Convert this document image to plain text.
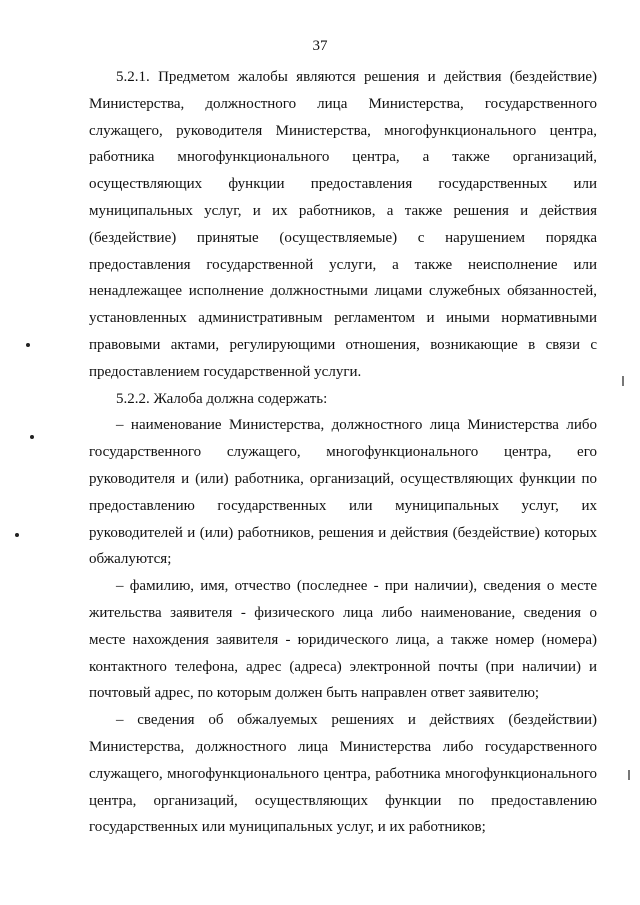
37

5.2.1. Предметом жалобы являются решения и действия (бездействие) Министерства, должностного лица Министерства, государственного служащего, руководителя Министерства, многофункционального центра, работника многофункционального центра, а также организаций, осуществляющих функции предоставления государственных или муниципальных услуг, и их работников, а также решения и действия (бездействие) принятые (осуществляемые) с нарушением порядка предоставления государственной услуги, а также неисполнение или ненадлежащее исполнение должностными лицами служебных обязанностей, установленных административным регламентом и иными нормативными правовыми актами, регулирующими отношения, возникающие в связи с предоставлением государственной услуги.

5.2.2. Жалоба должна содержать:

– наименование Министерства, должностного лица Министерства либо государственного служащего, многофункционального центра, его руководителя и (или) работника, организаций, осуществляющих функции по предоставлению государственных или муниципальных услуг, их руководителей и (или) работников, решения и действия (бездействие) которых обжалуются;

– фамилию, имя, отчество (последнее - при наличии), сведения о месте жительства заявителя - физического лица либо наименование, сведения о месте нахождения заявителя - юридического лица, а также номер (номера) контактного телефона, адрес (адреса) электронной почты (при наличии) и почтовый адрес, по которым должен быть направлен ответ заявителю;

– сведения об обжалуемых решениях и действиях (бездействии) Министерства, должностного лица Министерства либо государственного служащего, многофункционального центра, работника многофункционального центра, организаций, осуществляющих функции по предоставлению государственных или муниципальных услуг, и их работников;
